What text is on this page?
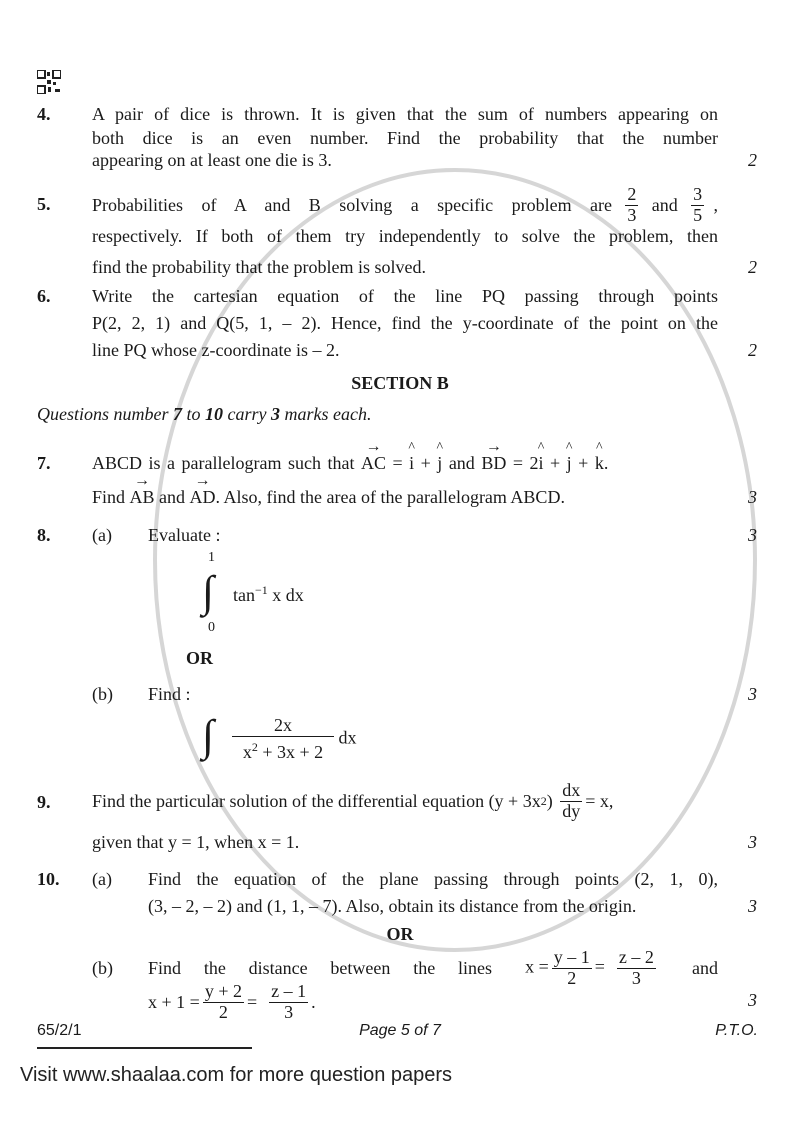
4. A pair of dice is thrown. It is given that the sum of numbers appearing on
both dice is an even number. Find the probability that the number
appearing on at least one die is 3.	2
5. Probabilities of A and B solving a specific problem are $\frac{2}{3}$ and $\frac{3}{5}$ ,
respectively. If both of them try independently to solve the problem, then
find the probability that the problem is solved.	2
6. Write the cartesian equation of the line PQ passing through points
P(2, 2, 1) and Q(5, 1, – 2). Hence, find the y-coordinate of the point on the
line PQ whose z-coordinate is – 2.	2
SECTION B
Questions number 7 to 10 carry 3 marks each.
7. ABCD is a parallelogram such that → AC = ^ i + ^ j and → BD = 2^ i + ^ j + ^ k.
Find → AB and → AD. Also, find the area of the parallelogram ABCD.	3
8. (a) Evaluate :	3
1
∫
0
$\tan^{-1} x$ dx
OR
(b) Find :	3
∫ $\frac{2x}{x^2 + 3x + 2}$ dx
9. Find the particular solution of the differential equation (y + 3x 2 )
$\frac{dx}{dy} = x$,
given that y = 1, when x = 1.	3
10. (a) Find the equation of the plane passing through points (2, 1, 0),
(3, – 2, – 2) and (1, 1, – 7). Also, obtain its distance from the origin.	3
OR
(b) Find the distance between the lines $x = \frac{y - 1}{2} = \frac{z - 2}{3}$ and
$x + 1 = \frac{y + 2}{2}$ =
$\frac{z - 1}{3}$ .	3
65/2/1	Page 5 of 7	P.T.O.
Visit www.shaalaa.com for more question papers
